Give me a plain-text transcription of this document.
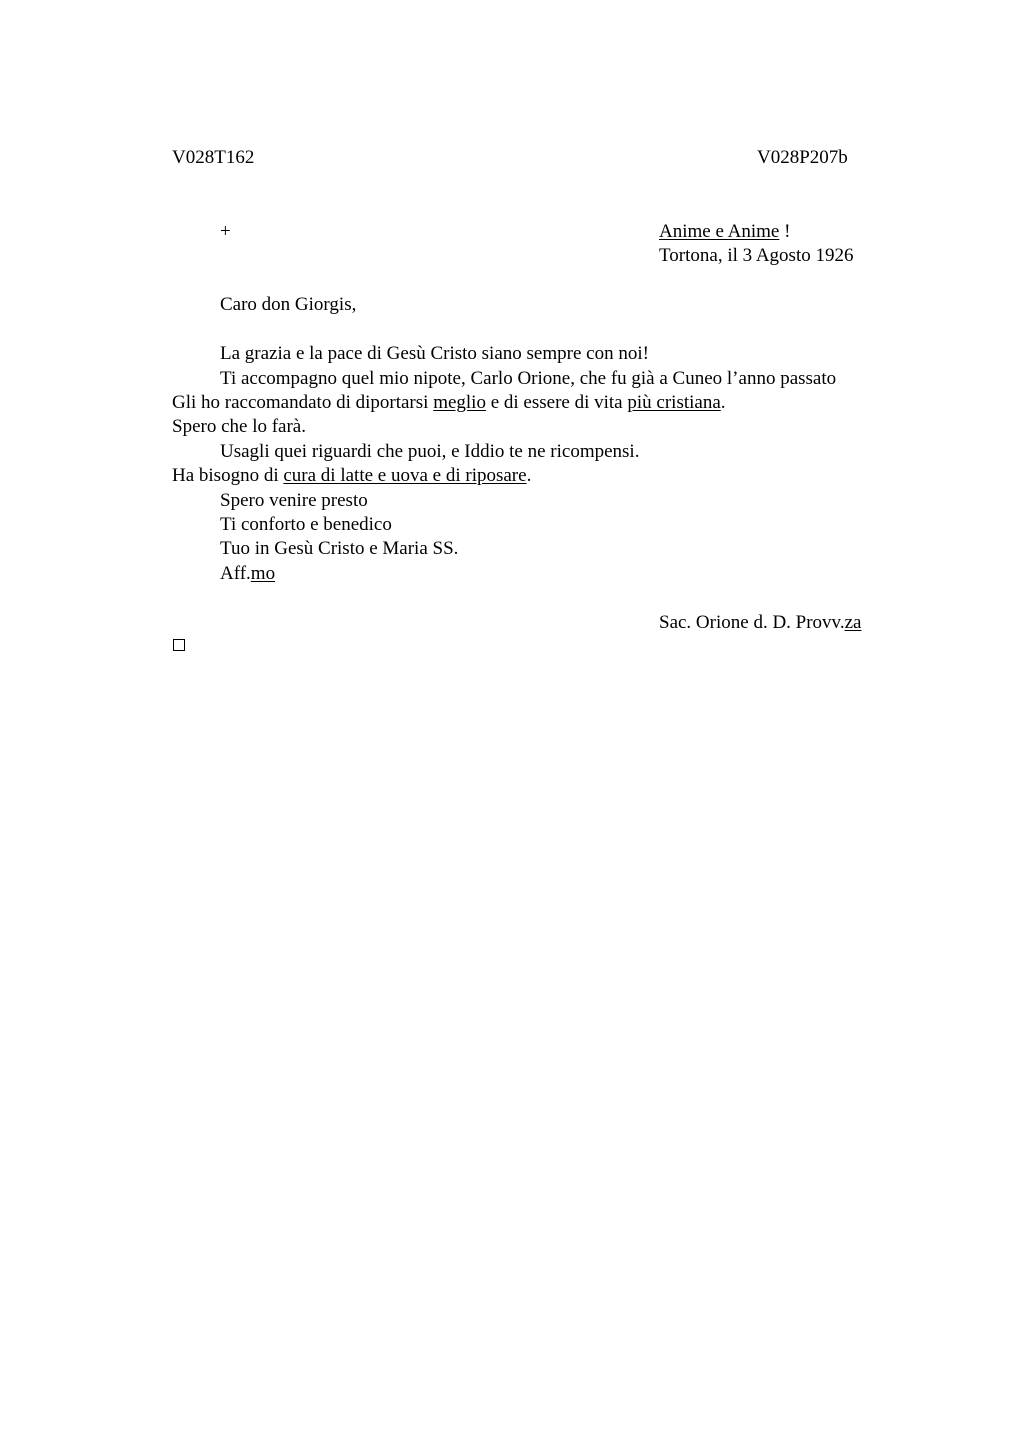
V028T162	V028P207b
+	Anime e Anime !
Tortona, il 3 Agosto 1926
Caro don Giorgis,
La grazia e la pace di Gesù Cristo siano sempre con noi!
Ti accompagno quel mio nipote, Carlo Orione, che fu già a Cuneo l’anno passato
Gli ho raccomandato di diportarsi meglio e di essere di vita più cristiana.
Spero che lo farà.
Usagli quei riguardi che puoi, e Iddio te ne ricompensi.
Ha bisogno di cura di latte e uova e di riposare.
Spero venire presto
Ti conforto e benedico
Tuo in Gesù Cristo e Maria SS.
Aff.mo
Sac. Orione d. D. Provv.za
